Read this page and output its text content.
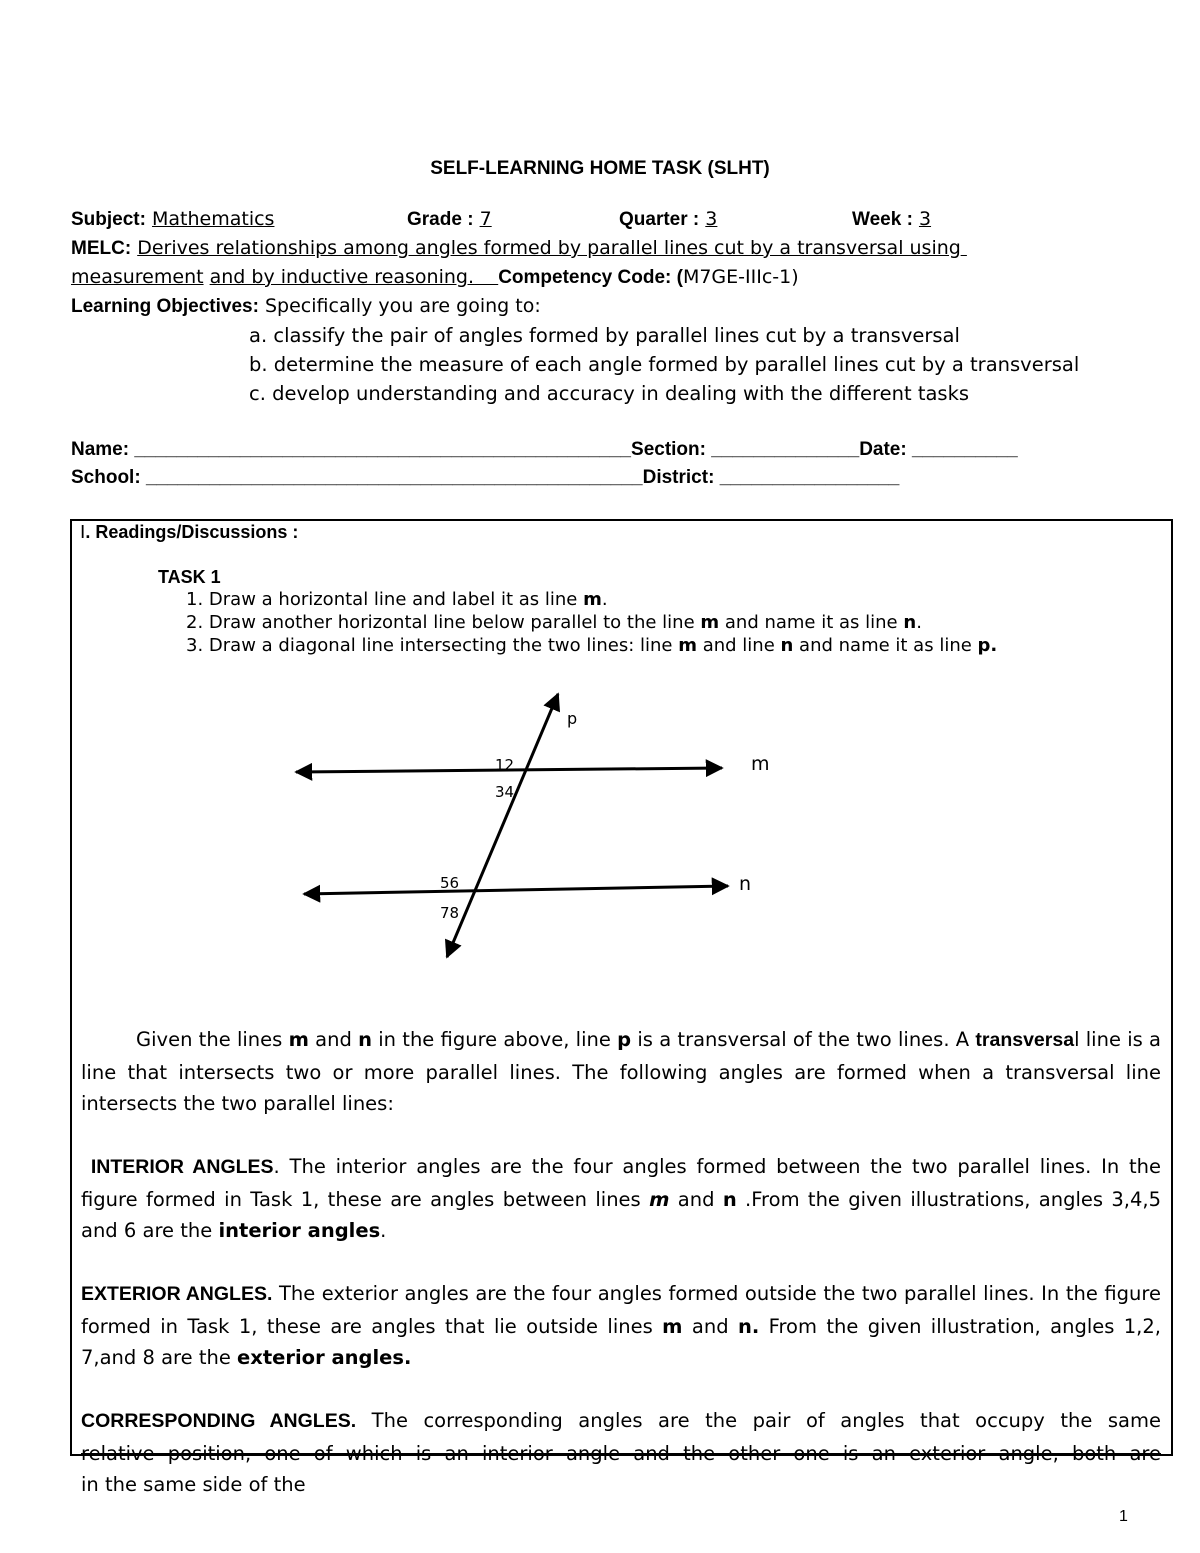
SELF-LEARNING HOME TASK (SLHT)
Subject: Mathematics	Grade : 7	Quarter : 3	Week : 3
MELC: Derives relationships among angles formed by parallel lines cut by a transversal using
measurement and by inductive reasoning. Competency Code: (M7GE-IIIc-1)
Learning Objectives: Specifically you are going to:
a. classify the pair of angles formed by parallel lines cut by a transversal
b. determine the measure of each angle formed by parallel lines cut by a transversal
c. develop understanding and accuracy in dealing with the different tasks
Name: _______________________________________________Section: ______________Date: __________
School: _______________________________________________District: _________________
I. Readings/Discussions :
TASK 1
1. Draw a horizontal line and label it as line m.
2. Draw another horizontal line below parallel to the line m and name it as line n.
3. Draw a diagonal line intersecting the two lines: line m and line n and name it as line p.
p
m
n
12
34
56
78

Given the lines m and n in the figure above, line p is a transversal of the two lines. A transversal line is a line that intersects two or more parallel lines. The following angles are formed when a transversal line intersects the two parallel lines:

INTERIOR ANGLES. The interior angles are the four angles formed between the two parallel lines. In the figure formed in Task 1, these are angles between lines m and n .From the given illustrations, angles 3,4,5 and 6 are the interior angles.

EXTERIOR ANGLES. The exterior angles are the four angles formed outside the two parallel lines. In the figure formed in Task 1, these are angles that lie outside lines m and n. From the given illustration, angles 1,2, 7,and 8 are the exterior angles.

CORRESPONDING ANGLES. The corresponding angles are the pair of angles that occupy the same

relative position, one of which is an interior angle and the other one is an exterior angle, both are

in the same side of the

1
